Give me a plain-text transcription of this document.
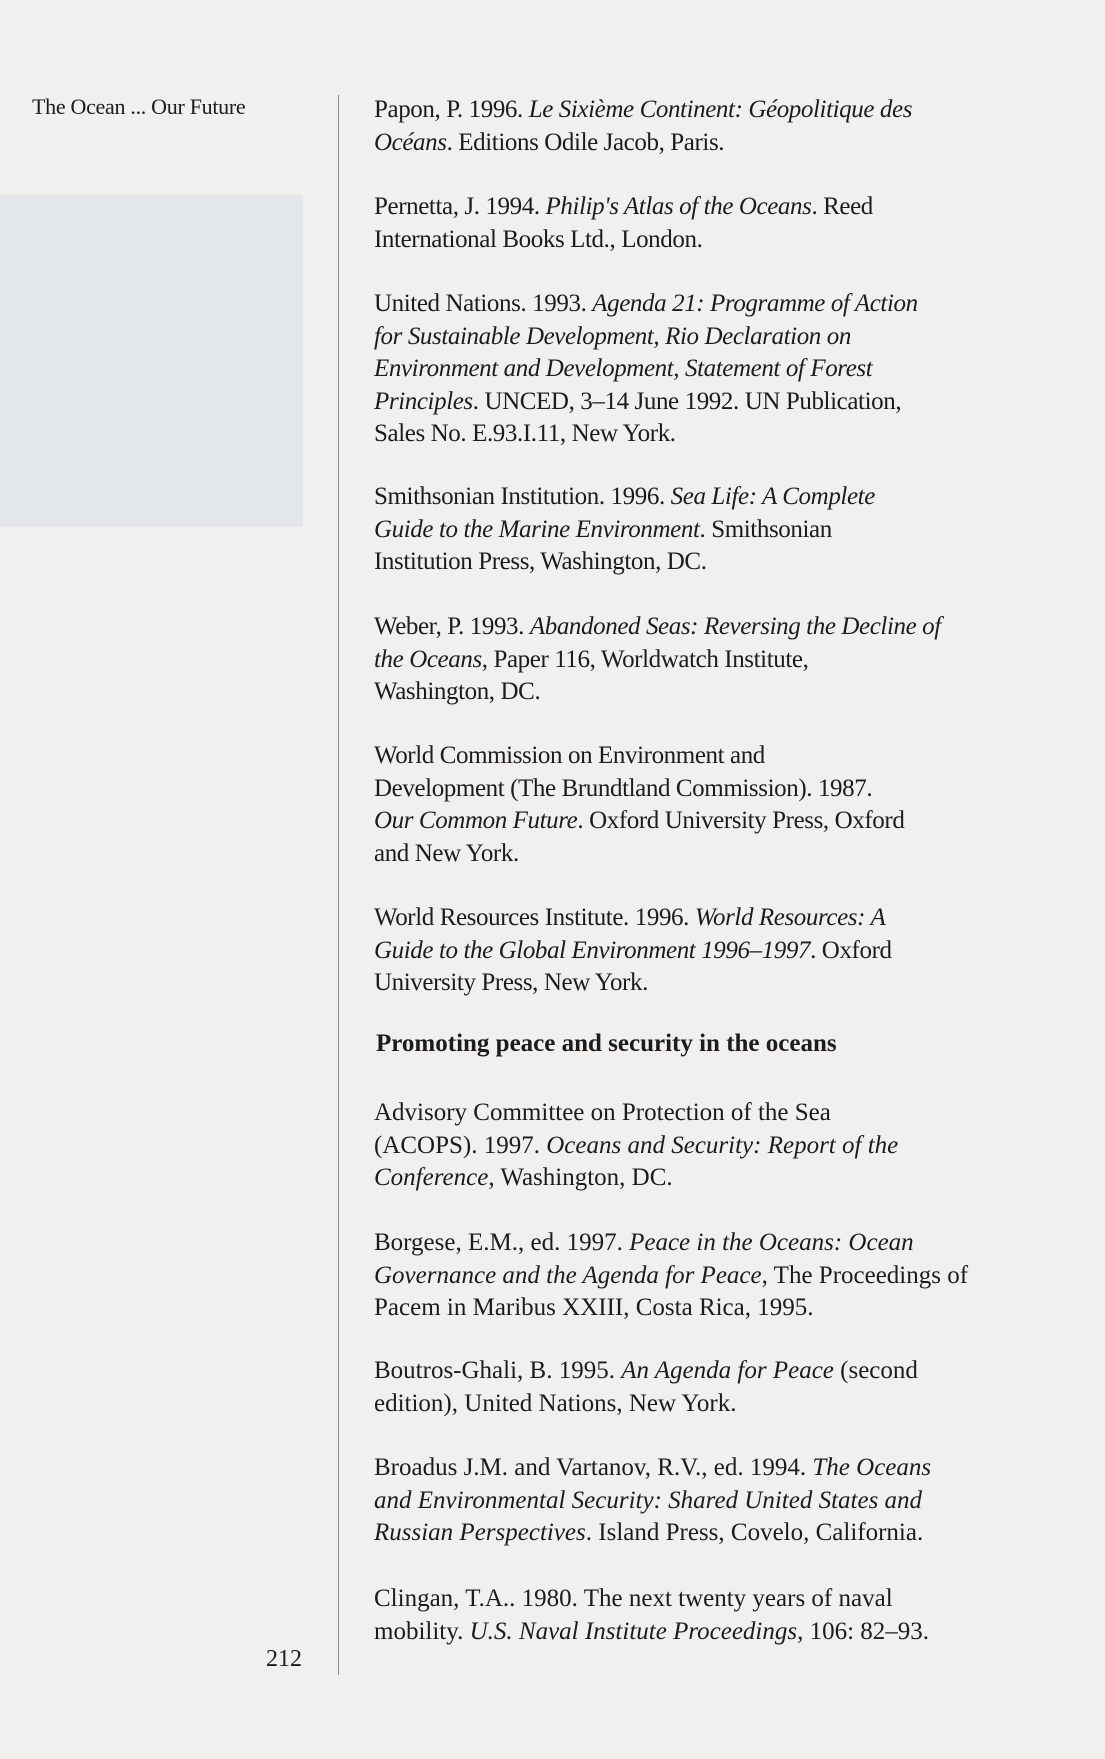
The Ocean ... Our Future
Promoting peace and security in the oceans
212
Papon, P. 1996. Le Sixième Continent: Géopolitique des
Océans. Editions Odile Jacob, Paris.
Pernetta, J. 1994. Philip's Atlas of the Oceans. Reed
International Books Ltd., London.
United Nations. 1993. Agenda 21: Programme of Action
for Sustainable Development, Rio Declaration on
Environment and Development, Statement of Forest
Principles. UNCED, 3–14 June 1992. UN Publication,
Sales No. E.93.I.11, New York.
Smithsonian Institution. 1996. Sea Life: A Complete
Guide to the Marine Environment. Smithsonian
Institution Press, Washington, DC.
Weber, P. 1993. Abandoned Seas: Reversing the Decline of
the Oceans, Paper 116, Worldwatch Institute,
Washington, DC.
World Commission on Environment and
Development (The Brundtland Commission). 1987.
Our Common Future. Oxford University Press, Oxford
and New York.
World Resources Institute. 1996. World Resources: A
Guide to the Global Environment 1996–1997. Oxford
University Press, New York.
Advisory Committee on Protection of the Sea
(ACOPS). 1997. Oceans and Security: Report of the
Conference, Washington, DC.
Borgese, E.M., ed. 1997. Peace in the Oceans: Ocean
Governance and the Agenda for Peace, The Proceedings of
Pacem in Maribus XXIII, Costa Rica, 1995.
Boutros-Ghali, B. 1995. An Agenda for Peace (second
edition), United Nations, New York.
Broadus J.M. and Vartanov, R.V., ed. 1994. The Oceans
and Environmental Security: Shared United States and
Russian Perspectives. Island Press, Covelo, California.
Clingan, T.A.. 1980. The next twenty years of naval
mobility. U.S. Naval Institute Proceedings, 106: 82–93.
